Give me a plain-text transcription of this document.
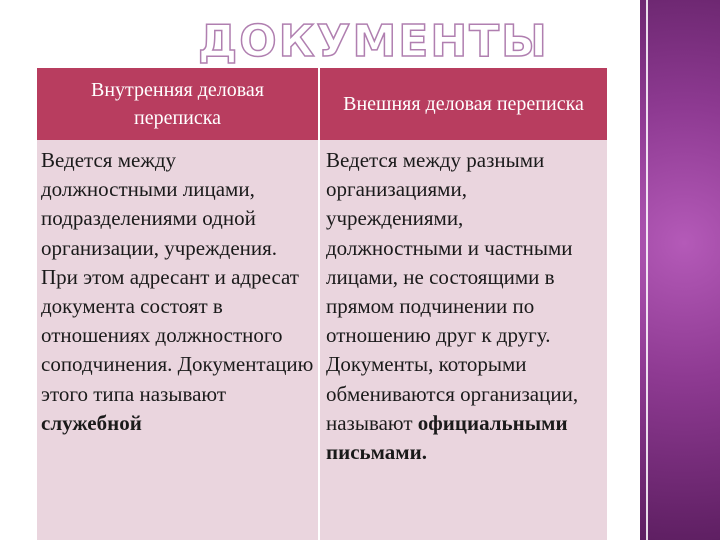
ДОКУМЕНТЫ
Внутренняя деловая переписка
Внешняя деловая переписка
Ведется между должностными лицами, подразделениями одной организации, учреждения. При этом адресант и адресат документа состоят в отношениях должностного соподчинения. Документацию этого типа называют служебной
Ведется между разными организациями, учреждениями, должностными и частными лицами, не состоящими в прямом подчинении по отношению друг к другу. Документы, которыми обмениваются организации, называют официальными письмами.
